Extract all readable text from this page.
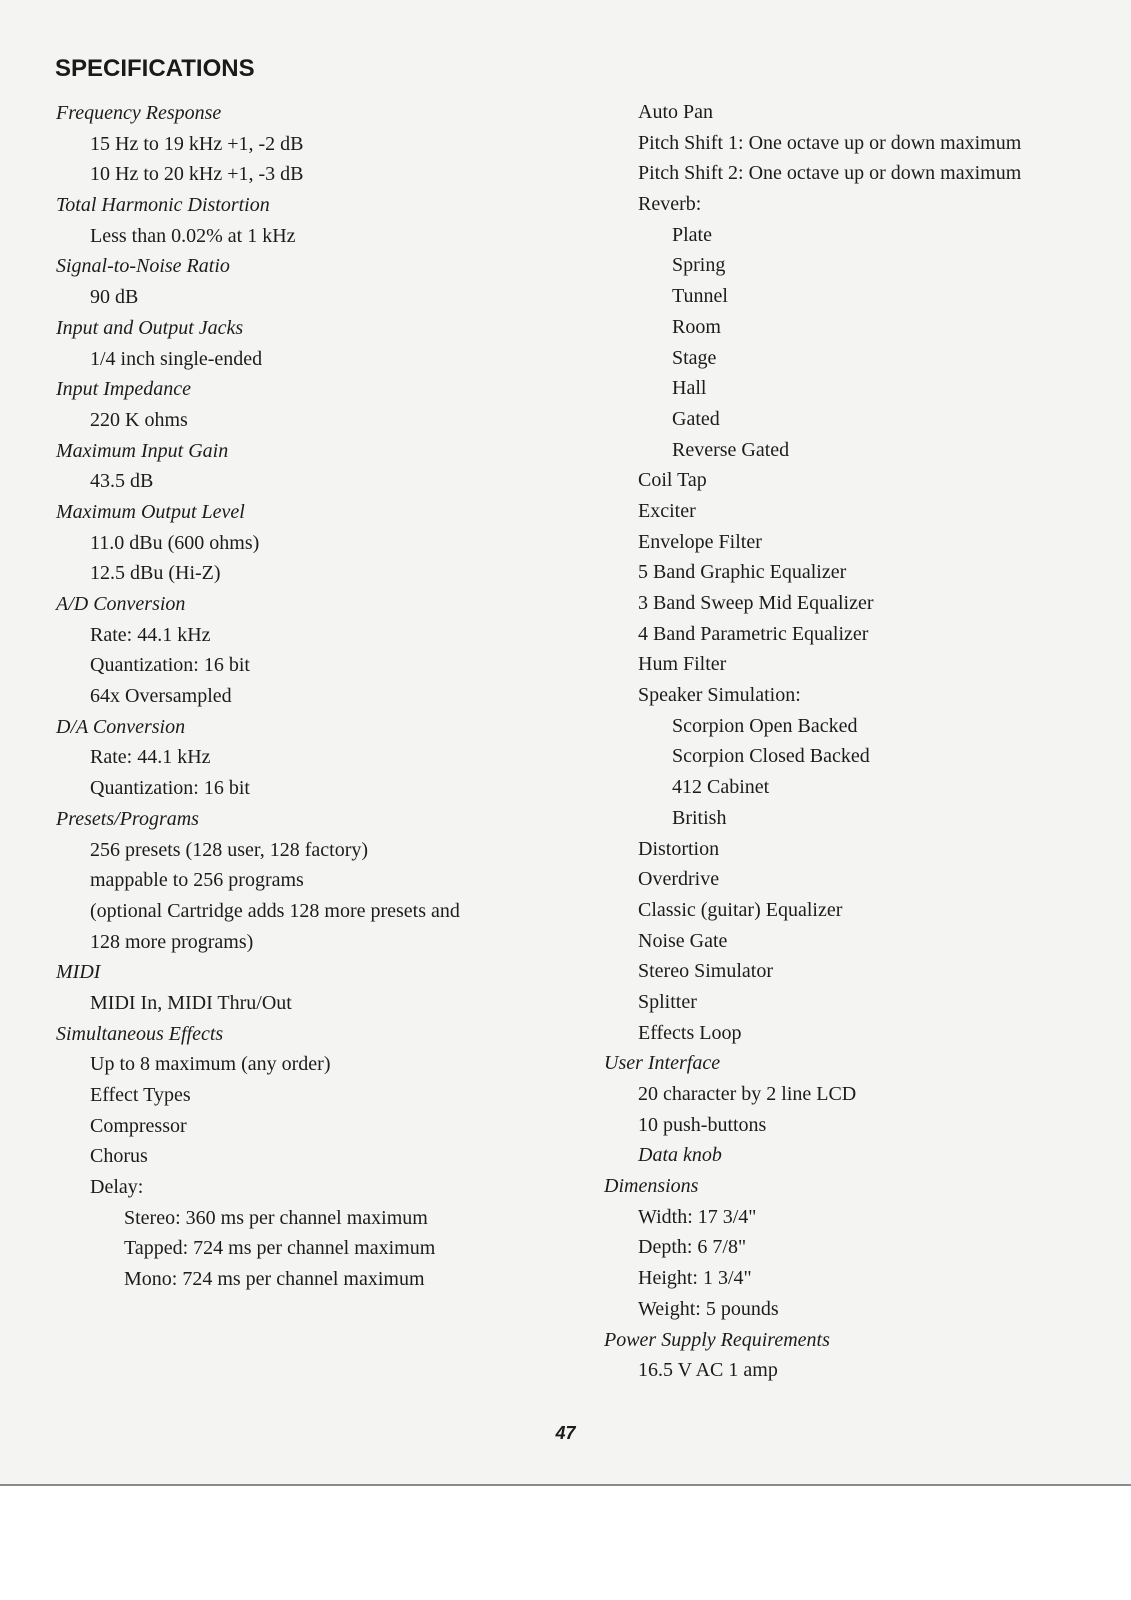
SPECIFICATIONS
Frequency Response
15 Hz to 19 kHz +1, -2 dB
10 Hz to 20 kHz +1, -3 dB
Total Harmonic Distortion
Less than 0.02% at 1 kHz
Signal-to-Noise Ratio
90 dB
Input and Output Jacks
1/4 inch single-ended
Input Impedance
220 K ohms
Maximum Input Gain
43.5 dB
Maximum Output Level
11.0 dBu (600 ohms)
12.5 dBu (Hi-Z)
A/D Conversion
Rate: 44.1 kHz
Quantization: 16 bit
64x Oversampled
D/A Conversion
Rate: 44.1 kHz
Quantization: 16 bit
Presets/Programs
256 presets (128 user, 128 factory)
mappable to 256 programs
(optional Cartridge adds 128 more presets and
128 more programs)
MIDI
MIDI In, MIDI Thru/Out
Simultaneous Effects
Up to 8 maximum (any order)
Effect Types
Compressor
Chorus
Delay:
Stereo: 360 ms per channel maximum
Tapped: 724 ms per channel maximum
Mono: 724 ms per channel maximum
Auto Pan
Pitch Shift 1: One octave up or down maximum
Pitch Shift 2: One octave up or down maximum
Reverb:
Plate
Spring
Tunnel
Room
Stage
Hall
Gated
Reverse Gated
Coil Tap
Exciter
Envelope Filter
5 Band Graphic Equalizer
3 Band Sweep Mid Equalizer
4 Band Parametric Equalizer
Hum Filter
Speaker Simulation:
Scorpion Open Backed
Scorpion Closed Backed
412 Cabinet
British
Distortion
Overdrive
Classic (guitar) Equalizer
Noise Gate
Stereo Simulator
Splitter
Effects Loop
User Interface
20 character by 2 line LCD
10 push-buttons
Data knob
Dimensions
Width: 17 3/4"
Depth: 6 7/8"
Height: 1 3/4"
Weight: 5 pounds
Power Supply Requirements
16.5 V AC 1 amp
47
